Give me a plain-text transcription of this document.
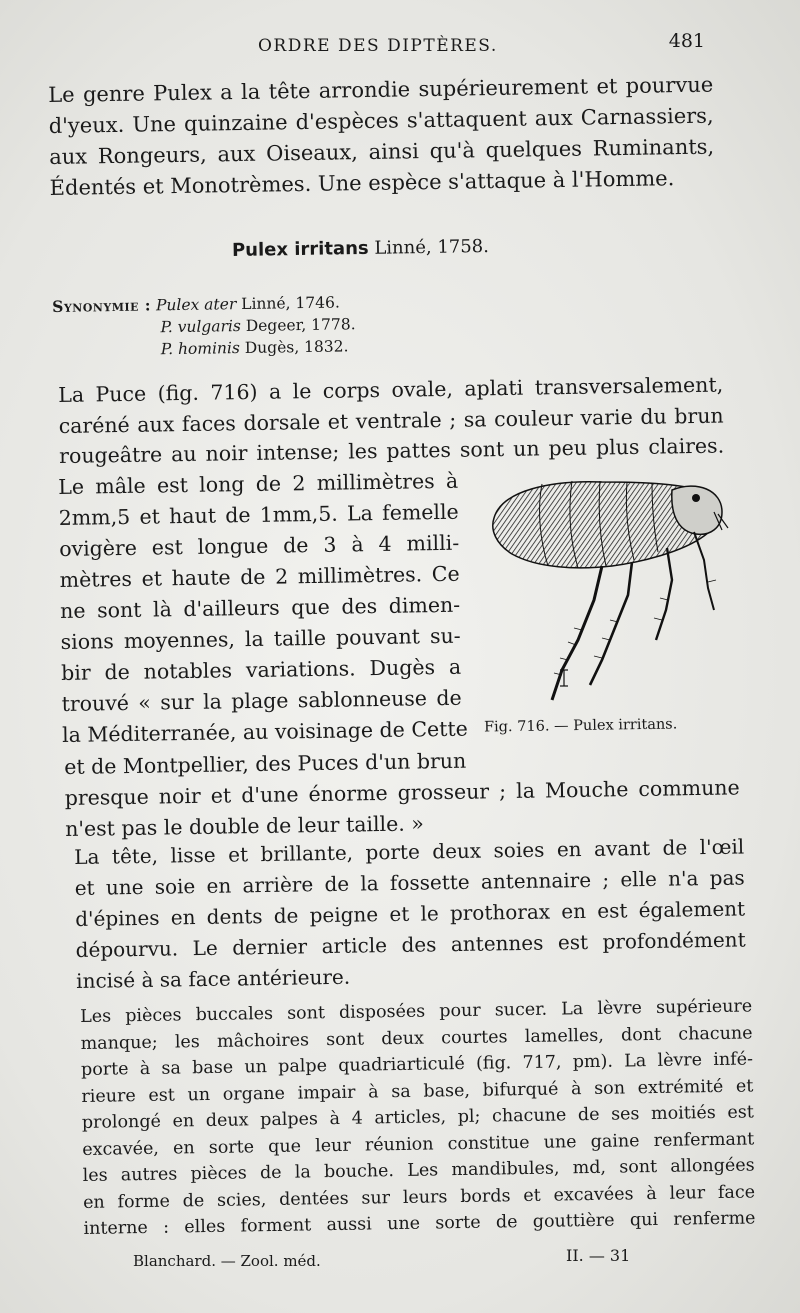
ORDRE DES DIPTÈRES.	481

Le genre Pulex a la tête arrondie supérieurement et pourvue
d'yeux. Une quinzaine d'espèces s'attaquent aux Carnassiers,
aux Rongeurs, aux Oiseaux, ainsi qu'à quelques Ruminants,
Édentés et Monotrèmes. Une espèce s'attaque à l'Homme.

Pulex irritans Linné, 1758.
Synonymie : Pulex ater Linné, 1746.
P. vulgaris Degeer, 1778.
P. hominis Dugès, 1832.

La Puce (fig. 716) a le corps ovale, aplati transversalement,
caréné aux faces dorsale et ventrale ; sa couleur varie du brun
rougeâtre au noir intense; les pattes sont un peu plus claires.

Le mâle est long de 2 millimètres à
2mm,5 et haut de 1mm,5. La femelle
ovigère est longue de 3 à 4 milli-
mètres et haute de 2 millimètres. Ce
ne sont là d'ailleurs que des dimen-
sions moyennes, la taille pouvant su-
bir de notables variations. Dugès a
trouvé « sur la plage sablonneuse de
la Méditerranée, au voisinage de Cette Fig. 716. — Pulex irritans.

et de Montpellier, des Puces d'un brun
presque noir et d'une énorme grosseur ; la Mouche commune
n'est pas le double de leur taille. »

La tête, lisse et brillante, porte deux soies en avant de l'œil
et une soie en arrière de la fossette antennaire ; elle n'a pas
d'épines en dents de peigne et le prothorax en est également
dépourvu. Le dernier article des antennes est profondément
incisé à sa face antérieure.

Les pièces buccales sont disposées pour sucer. La lèvre supérieure
manque; les mâchoires sont deux courtes lamelles, dont chacune
porte à sa base un palpe quadriarticulé (fig. 717, pm). La lèvre infé-
rieure est un organe impair à sa base, bifurqué à son extrémité et
prolongé en deux palpes à 4 articles, pl; chacune de ses moitiés est
excavée, en sorte que leur réunion constitue une gaine renfermant
les autres pièces de la bouche. Les mandibules, md, sont allongées
en forme de scies, dentées sur leurs bords et excavées à leur face
interne : elles forment aussi une sorte de gouttière qui renferme

Blanchard. — Zool. méd.	II. — 31
